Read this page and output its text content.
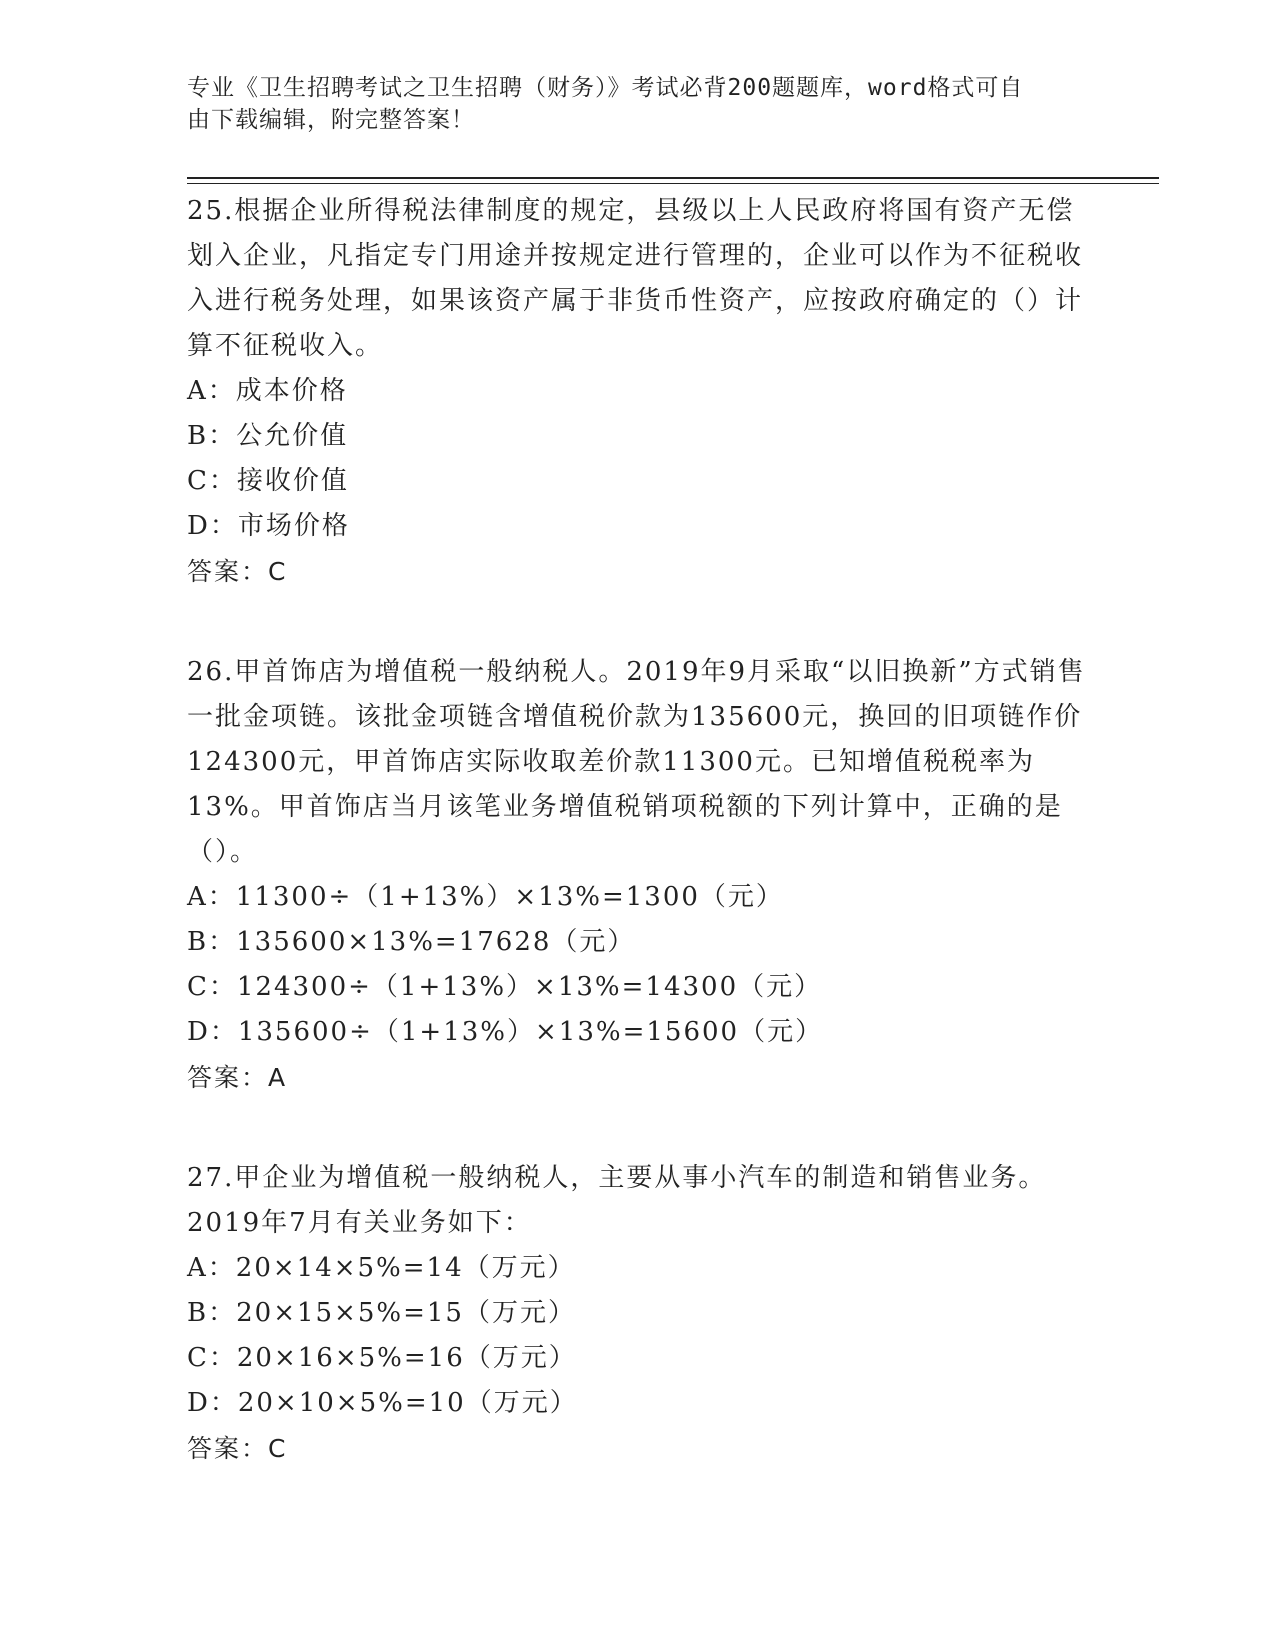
专业《卫生招聘考试之卫生招聘（财务）》考试必背200题题库，word格式可自
由下载编辑，附完整答案！

25.根据企业所得税法律制度的规定，县级以上人民政府将国有资产无偿划入企业，凡指定专门用途并按规定进行管理的，企业可以作为不征税收入进行税务处理，如果该资产属于非货币性资产，应按政府确定的（）计算不征税收入。

A：成本价格

B：公允价值

C：接收价值

D：市场价格

答案：C

26.甲首饰店为增值税一般纳税人。2019年9月采取“以旧换新”方式销售一批金项链。该批金项链含增值税价款为135600元，换回的旧项链作价124300元，甲首饰店实际收取差价款11300元。已知增值税税率为13%。甲首饰店当月该笔业务增值税销项税额的下列计算中，正确的是（）。

A：11300÷（1+13%）×13%=1300（元）

B：135600×13%=17628（元）

C：124300÷（1+13%）×13%=14300（元）

D：135600÷（1+13%）×13%=15600（元）

答案：A

27.甲企业为增值税一般纳税人，主要从事小汽车的制造和销售业务。2019年7月有关业务如下：

A：20×14×5%=14（万元）

B：20×15×5%=15（万元）

C：20×16×5%=16（万元）

D：20×10×5%=10（万元）

答案：C
